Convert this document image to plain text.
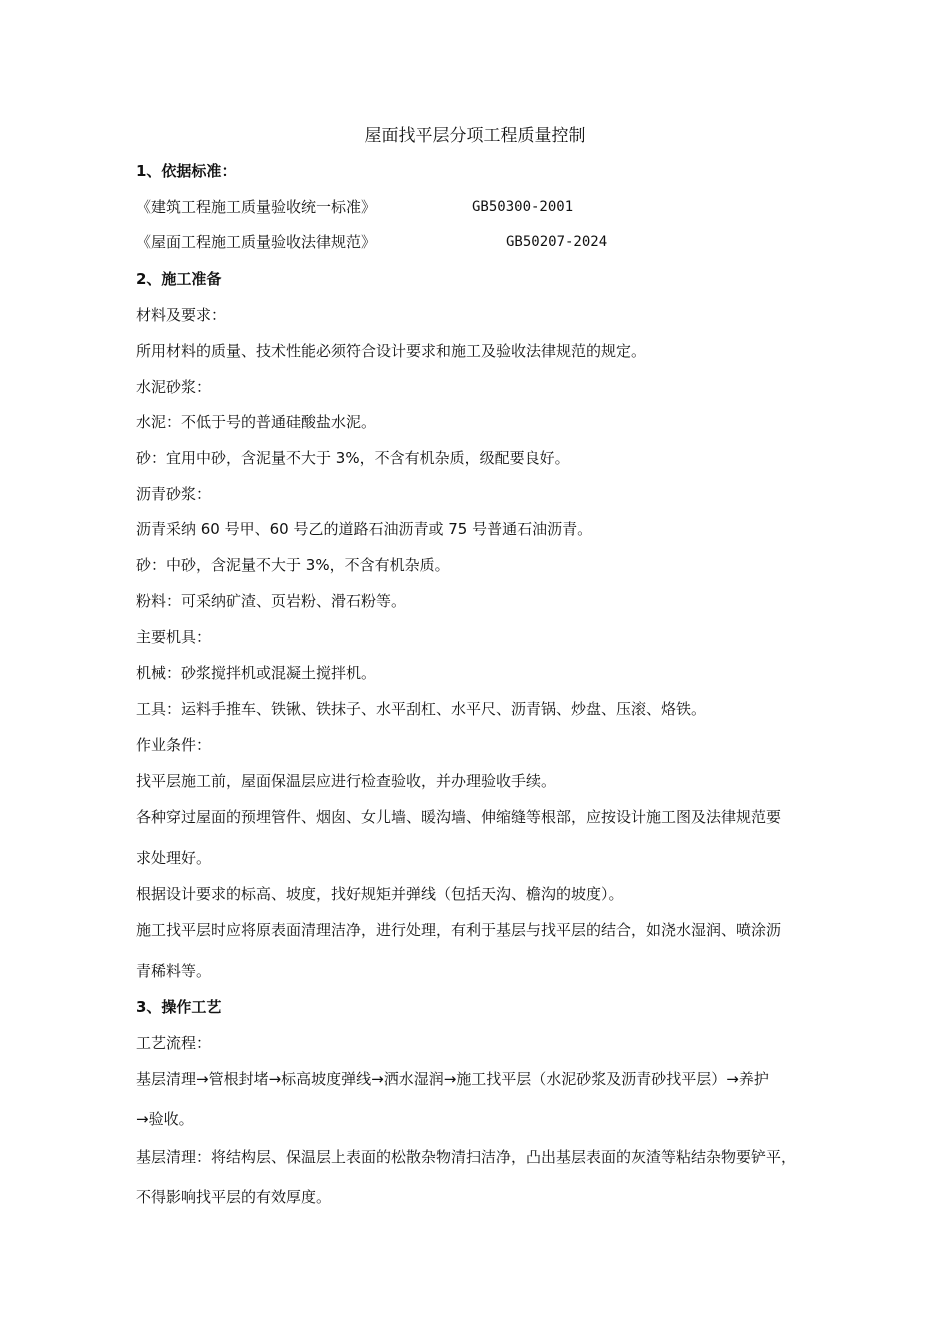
屋面找平层分项工程质量控制
1、依据标准：
《建筑工程施工质量验收统一标准》	GB50300-2001
《屋面工程施工质量验收法律规范》	GB50207-2024
2、施工准备
材料及要求：
所用材料的质量、技术性能必须符合设计要求和施工及验收法律规范的规定。
水泥砂浆：
水泥：不低于号的普通硅酸盐水泥。
砂：宜用中砂，含泥量不大于 3%，不含有机杂质，级配要良好。
沥青砂浆：
沥青采纳 60 号甲、60 号乙的道路石油沥青或 75 号普通石油沥青。
砂：中砂，含泥量不大于 3%，不含有机杂质。
粉料：可采纳矿渣、页岩粉、滑石粉等。
主要机具：
机械：砂浆搅拌机或混凝土搅拌机。
工具：运料手推车、铁锹、铁抹子、水平刮杠、水平尺、沥青锅、炒盘、压滚、烙铁。
作业条件：
找平层施工前，屋面保温层应进行检查验收，并办理验收手续。
各种穿过屋面的预埋管件、烟囱、女儿墙、暖沟墙、伸缩缝等根部，应按设计施工图及法律规范要
求处理好。
根据设计要求的标高、坡度，找好规矩并弹线（包括天沟、檐沟的坡度）。
施工找平层时应将原表面清理洁净，进行处理，有利于基层与找平层的结合，如浇水湿润、喷涂沥
青稀料等。
3、操作工艺
工艺流程：
基层清理→管根封堵→标高坡度弹线→洒水湿润→施工找平层（水泥砂浆及沥青砂找平层）→养护
→验收。
基层清理：将结构层、保温层上表面的松散杂物清扫洁净，凸出基层表面的灰渣等粘结杂物要铲平，
不得影响找平层的有效厚度。
